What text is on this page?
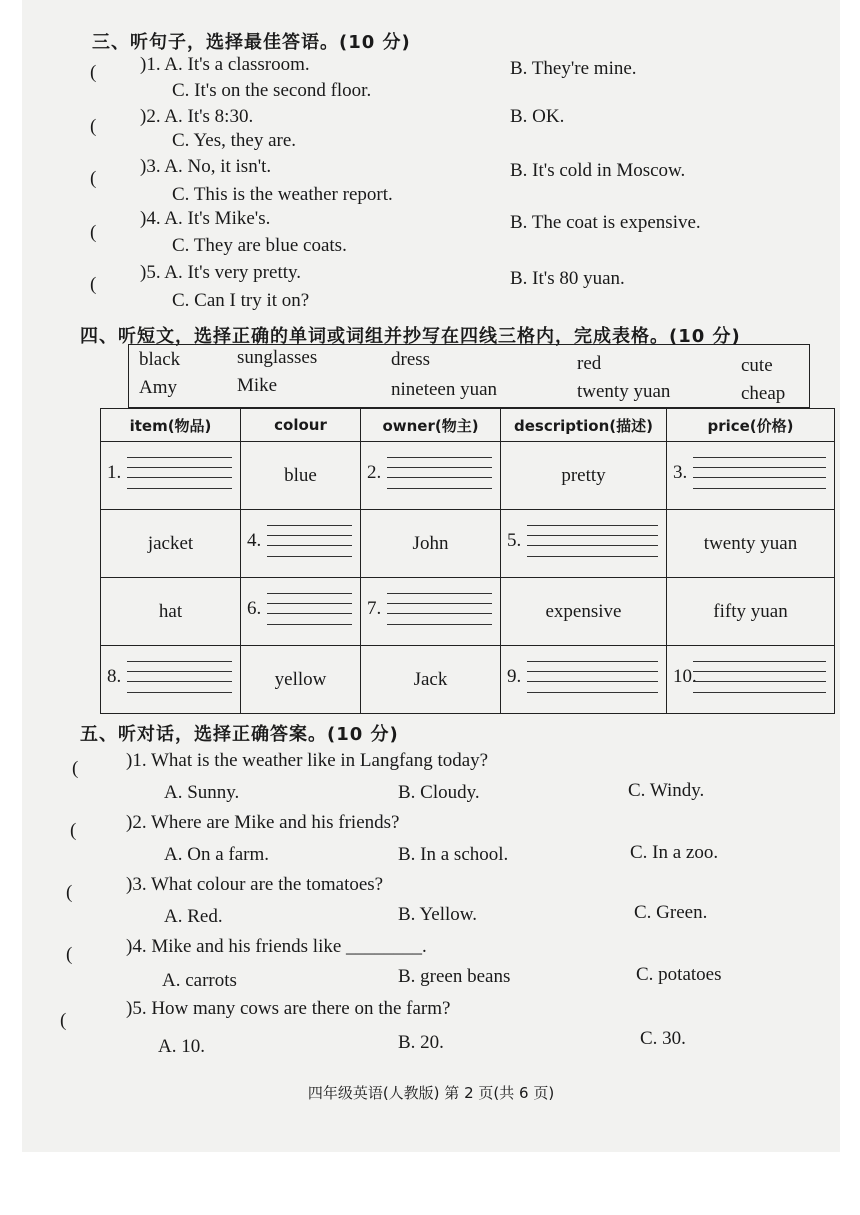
三、听句子，选择最佳答语。(10 分)
( )1. A. It's a classroom.	B. They're mine.
C. It's on the second floor.
( )2. A. It's 8:30.	B. OK.
C. Yes, they are.
(
)3. A. No, it isn't.	B. It's cold in Moscow.
C. This is the weather report.
(
)4. A. It's Mike's.	B. The coat is expensive.
C. They are blue coats.
(
)5. A. It's very pretty.	B. It's 80 yuan.
C. Can I try it on?
四、听短文，选择正确的单词或词组并抄写在四线三格内，完成表格。(10 分)
black	sunglasses	dress	red	cute
Amy	Mike	nineteen yuan	twenty yuan	cheap
item(物品)	colour	owner(物主)	description(描述)	price(价格)

1.	blue	2.	pretty	3.

jacket	4.	John	5.	twenty yuan
hat	6.	7.	expensive	fifty yuan

8.	yellow	Jack	9.	10.
五、听对话，选择正确答案。(10 分)
(	)1. What is the weather like in Langfang today?
A. Sunny.	B. Cloudy.	C. Windy.
(	)2. Where are Mike and his friends?
A. On a farm.	B. In a school.	C. In a zoo.
(	)3. What colour are the tomatoes?
A. Red.	B. Yellow.	C. Green.
(	)4. Mike and his friends like ________.
A. carrots	B. green beans	C. potatoes
(
)5. How many cows are there on the farm?
A. 10.	B. 20.	C. 30.
四年级英语(人教版) 第 2 页(共 6 页)
